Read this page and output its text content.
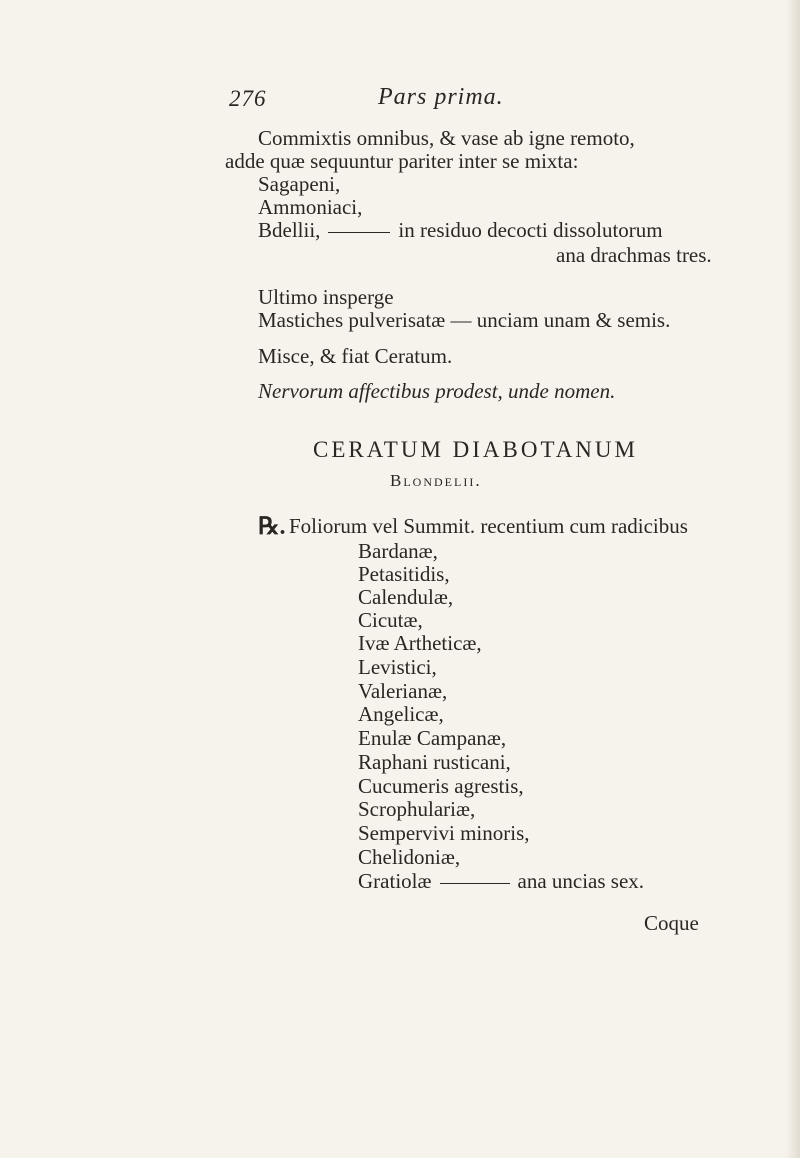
276	Pars prima.
Commixtis omnibus, & vase ab igne remoto,
adde quæ sequuntur pariter inter se mixta:
Sagapeni,
Ammoniaci,
Bdellii,	in residuo decocti dissolutorum
ana drachmas tres.
Ultimo insperge
Mastiches pulverisatæ — unciam unam & semis.
Misce, & fiat Ceratum.
Nervorum affectibus prodest, unde nomen.
CERATUM DIABOTANUM
Blondelii.
℞. Foliorum vel Summit. recentium cum radicibus
Bardanæ,
Petasitidis,
Calendulæ,
Cicutæ,
Ivæ Artheticæ,
Levistici,
Valerianæ,
Angelicæ,
Enulæ Campanæ,
Raphani rusticani,
Cucumeris agrestis,
Scrophulariæ,
Sempervivi minoris,
Chelidoniæ,
Gratiolæ	ana uncias sex.
Coque
